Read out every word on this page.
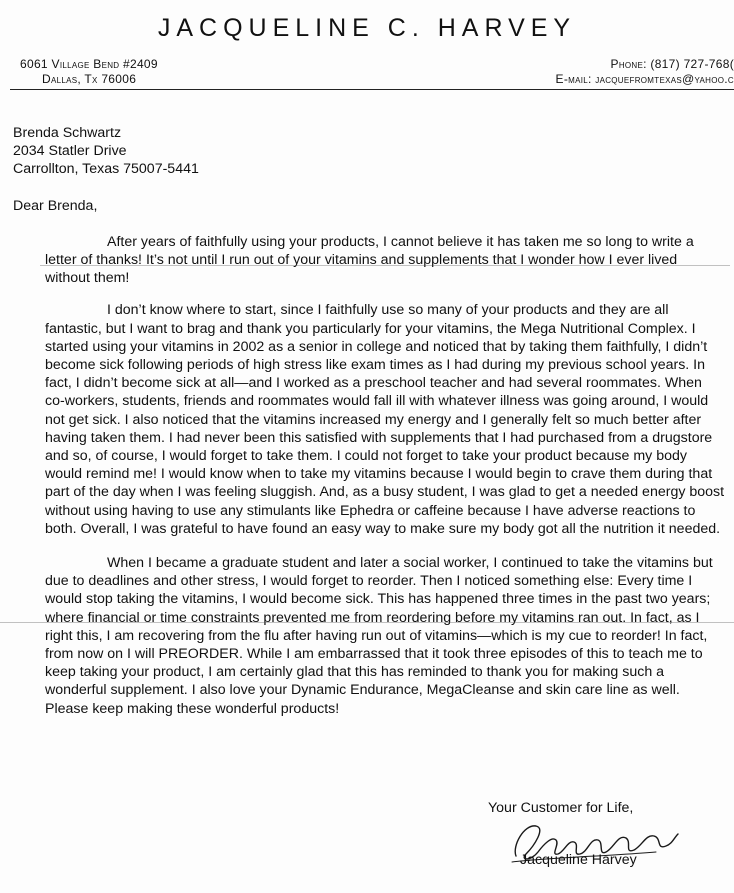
JACQUELINE C. HARVEY
6061 Village Bend #2409
Dallas, Tx 76006
Phone: (817) 727-768(
E-mail: jacquefromtexas@yahoo.c
Brenda Schwartz
2034 Statler Drive
Carrollton, Texas 75007-5441
Dear Brenda,

After years of faithfully using your products, I cannot believe it has taken me so long to write a letter of thanks! It’s not until I run out of your vitamins and supplements that I wonder how I ever lived without them!

I don’t know where to start, since I faithfully use so many of your products and they are all fantastic, but I want to brag and thank you particularly for your vitamins, the Mega Nutritional Complex. I started using your vitamins in 2002 as a senior in college and noticed that by taking them faithfully, I didn’t become sick following periods of high stress like exam times as I had during my previous school years. In fact, I didn’t become sick at all—and I worked as a preschool teacher and had several roommates. When co-workers, students, friends and roommates would fall ill with whatever illness was going around, I would not get sick. I also noticed that the vitamins increased my energy and I generally felt so much better after having taken them. I had never been this satisfied with supplements that I had purchased from a drugstore and so, of course, I would forget to take them. I could not forget to take your product because my body would remind me! I would know when to take my vitamins because I would begin to crave them during that part of the day when I was feeling sluggish. And, as a busy student, I was glad to get a needed energy boost without using having to use any stimulants like Ephedra or caffeine because I have adverse reactions to both. Overall, I was grateful to have found an easy way to make sure my body got all the nutrition it needed.

When I became a graduate student and later a social worker, I continued to take the vitamins but due to deadlines and other stress, I would forget to reorder. Then I noticed something else: Every time I would stop taking the vitamins, I would become sick. This has happened three times in the past two years; where financial or time constraints prevented me from reordering before my vitamins ran out. In fact, as I right this, I am recovering from the flu after having run out of vitamins—which is my cue to reorder! In fact, from now on I will PREORDER. While I am embarrassed that it took three episodes of this to teach me to keep taking your product, I am certainly glad that this has reminded to thank you for making such a wonderful supplement. I also love your Dynamic Endurance, MegaCleanse and skin care line as well. Please keep making these wonderful products!

Your Customer for Life,
Jacqueline Harvey
